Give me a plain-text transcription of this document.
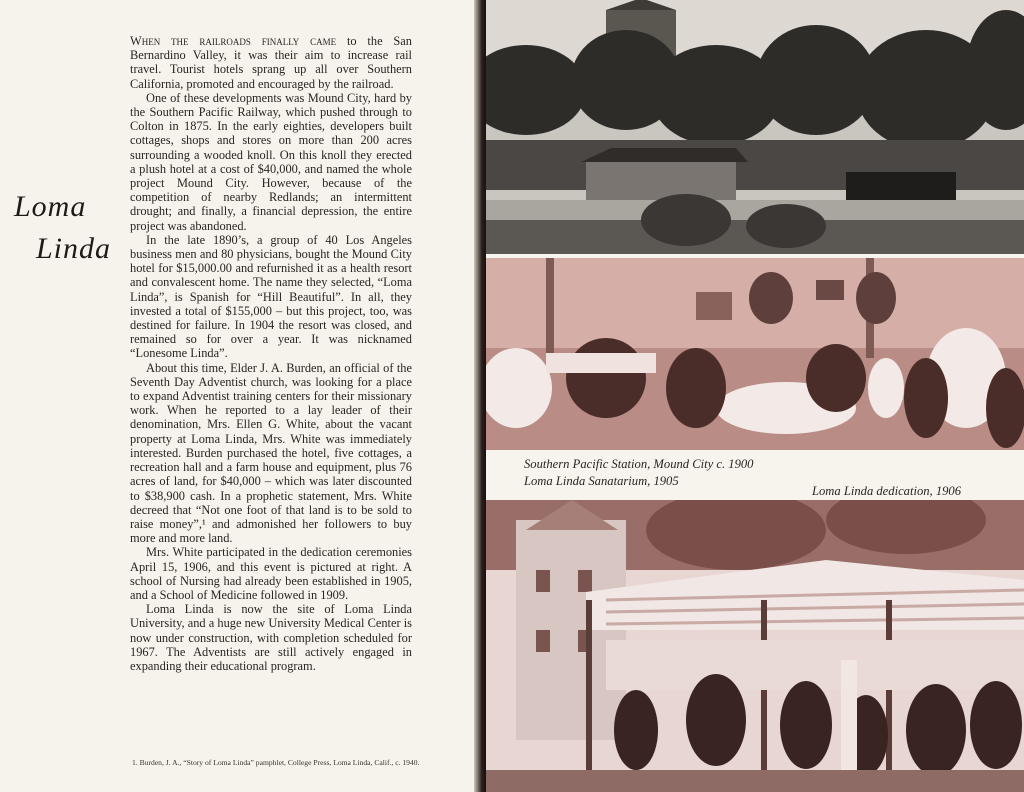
Loma
Linda

When the railroads finally came to the San Bernardino Valley, it was their aim to increase rail travel. Tourist hotels sprang up all over Southern California, promoted and encouraged by the railroad.

One of these developments was Mound City, hard by the Southern Pacific Railway, which pushed through to Colton in 1875. In the early eighties, developers built cottages, shops and stores on more than 200 acres surrounding a wooded knoll. On this knoll they erected a plush hotel at a cost of $40,000, and named the whole project Mound City. However, because of the competition of nearby Redlands; an intermittent drought; and finally, a financial depression, the entire project was abandoned.

In the late 1890’s, a group of 40 Los Angeles business men and 80 physicians, bought the Mound City hotel for $15,000.00 and refurnished it as a health resort and convalescent home. The name they selected, “Loma Linda”, is Spanish for “Hill Beautiful”. In all, they invested a total of $155,000 – but this project, too, was destined for failure. In 1904 the resort was closed, and remained so for over a year. It was nicknamed “Lonesome Linda”.

About this time, Elder J. A. Burden, an official of the Seventh Day Adventist church, was looking for a place to expand Adventist training centers for their missionary work. When he reported to a lay leader of their denomination, Mrs. Ellen G. White, about the vacant property at Loma Linda, Mrs. White was immediately interested. Burden purchased the hotel, five cottages, a recreation hall and a farm house and equipment, plus 76 acres of land, for $40,000 – which was later discounted to $38,900 cash. In a prophetic statement, Mrs. White decreed that “Not one foot of that land is to be sold to raise money”,¹ and admonished her followers to buy more and more land.

Mrs. White participated in the dedication ceremonies April 15, 1906, and this event is pictured at right. A school of Nursing had already been established in 1905, and a School of Medicine followed in 1909.

Loma Linda is now the site of Loma Linda University, and a huge new University Medical Center is now under construction, with completion scheduled for 1967. The Adventists are still actively engaged in expanding their educational program.

1. Burden, J. A., “Story of Loma Linda” pamphlet, College Press, Loma Linda, Calif., c. 1940.
Southern Pacific Station, Mound City c. 1900
Loma Linda Sanatarium, 1905
Loma Linda dedication, 1906
